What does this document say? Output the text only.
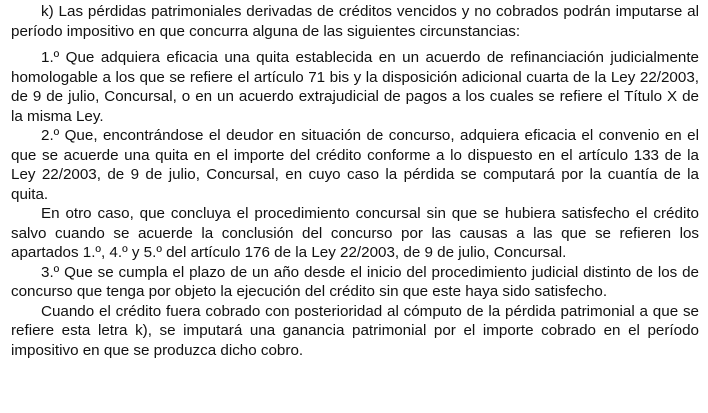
k) Las pérdidas patrimoniales derivadas de créditos vencidos y no cobrados podrán imputarse al período impositivo en que concurra alguna de las siguientes circunstancias:

1.º Que adquiera eficacia una quita establecida en un acuerdo de refinanciación judicialmente homologable a los que se refiere el artículo 71 bis y la disposición adicional cuarta de la Ley 22/2003, de 9 de julio, Concursal, o en un acuerdo extrajudicial de pagos a los cuales se refiere el Título X de la misma Ley.

2.º Que, encontrándose el deudor en situación de concurso, adquiera eficacia el convenio en el que se acuerde una quita en el importe del crédito conforme a lo dispuesto en el artículo 133 de la Ley 22/2003, de 9 de julio, Concursal, en cuyo caso la pérdida se computará por la cuantía de la quita.

En otro caso, que concluya el procedimiento concursal sin que se hubiera satisfecho el crédito salvo cuando se acuerde la conclusión del concurso por las causas a las que se refieren los apartados 1.º, 4.º y 5.º del artículo 176 de la Ley 22/2003, de 9 de julio, Concursal.

3.º Que se cumpla el plazo de un año desde el inicio del procedimiento judicial distinto de los de concurso que tenga por objeto la ejecución del crédito sin que este haya sido satisfecho.

Cuando el crédito fuera cobrado con posterioridad al cómputo de la pérdida patrimonial a que se refiere esta letra k), se imputará una ganancia patrimonial por el importe cobrado en el período impositivo en que se produzca dicho cobro.
